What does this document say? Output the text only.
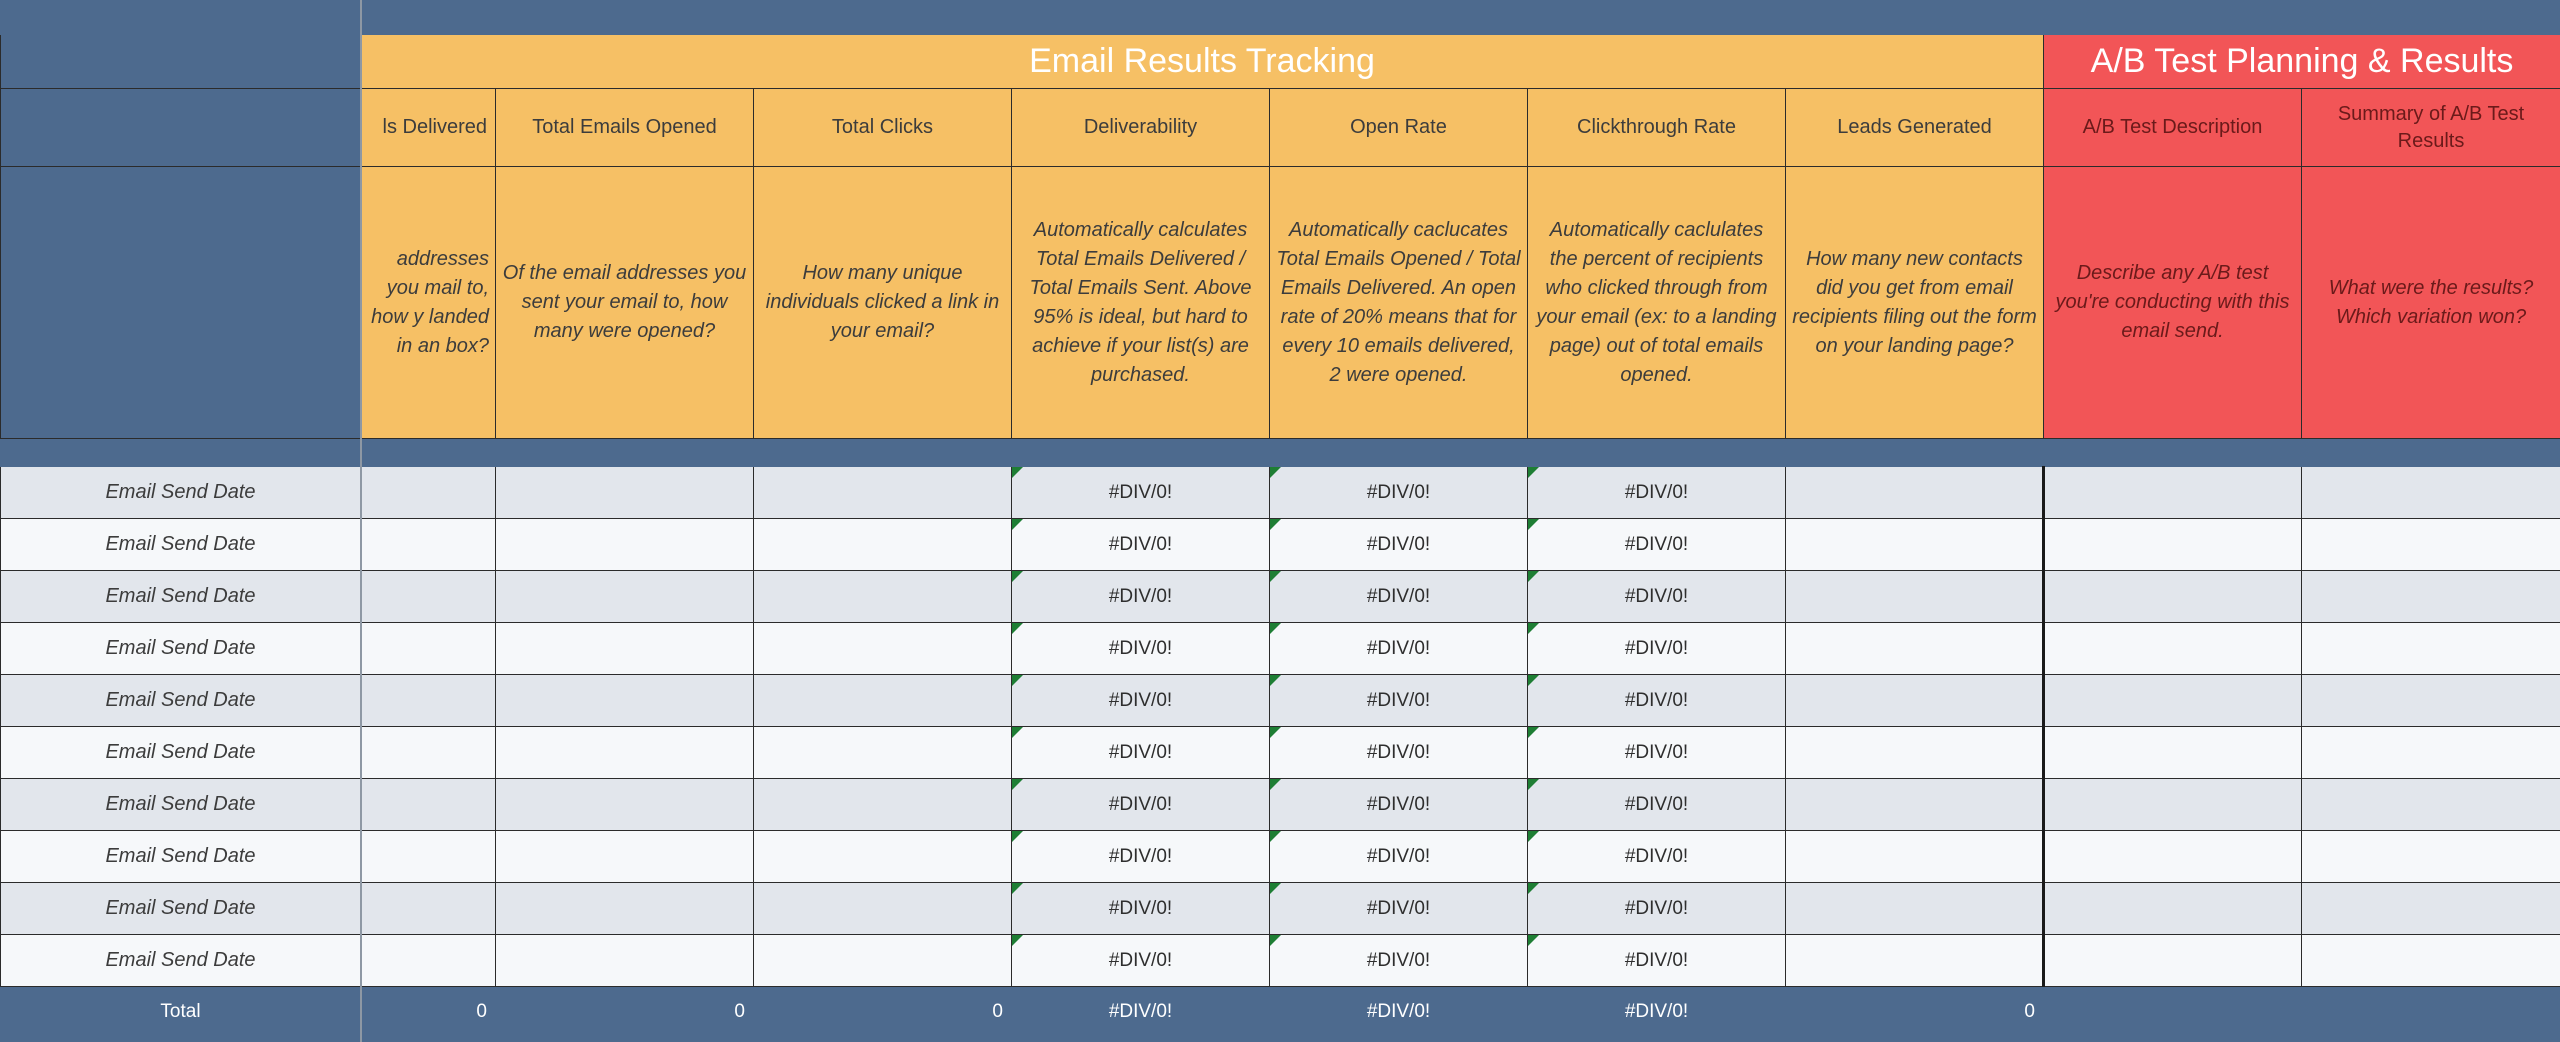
	Email Results Tracking							A/B Test Planning & Results	
	ls Delivered	Total Emails Opened	Total Clicks	Deliverability	Open Rate	Clickthrough Rate	Leads Generated	A/B Test Description	Summary of A/B Test Results
	addresses you mail to, how y landed in an box?	Of the email addresses you sent your email to, how many were opened?	How many unique individuals clicked a link in your email?	Automatically calculates Total Emails Delivered / Total Emails Sent. Above 95% is ideal, but hard to achieve if your list(s) are purchased.	Automatically caclucates Total Emails Opened / Total Emails Delivered. An open rate of 20% means that for every 10 emails delivered, 2 were opened.	Automatically caclulates the percent of recipients who clicked through from your email (ex: to a landing page) out of total emails opened.	How many new contacts did you get from email recipients filing out the form on your landing page?	Describe any A/B test you're conducting with this email send.	What were the results? Which variation won?

Email Send Date				#DIV/0!	#DIV/0!	#DIV/0!			
Email Send Date				#DIV/0!	#DIV/0!	#DIV/0!			
Email Send Date				#DIV/0!	#DIV/0!	#DIV/0!			
Email Send Date				#DIV/0!	#DIV/0!	#DIV/0!			
Email Send Date				#DIV/0!	#DIV/0!	#DIV/0!			
Email Send Date				#DIV/0!	#DIV/0!	#DIV/0!			
Email Send Date				#DIV/0!	#DIV/0!	#DIV/0!			
Email Send Date				#DIV/0!	#DIV/0!	#DIV/0!			
Email Send Date				#DIV/0!	#DIV/0!	#DIV/0!			
Email Send Date				#DIV/0!	#DIV/0!	#DIV/0!			
Total	0	0	0	#DIV/0!	#DIV/0!	#DIV/0!	0		
